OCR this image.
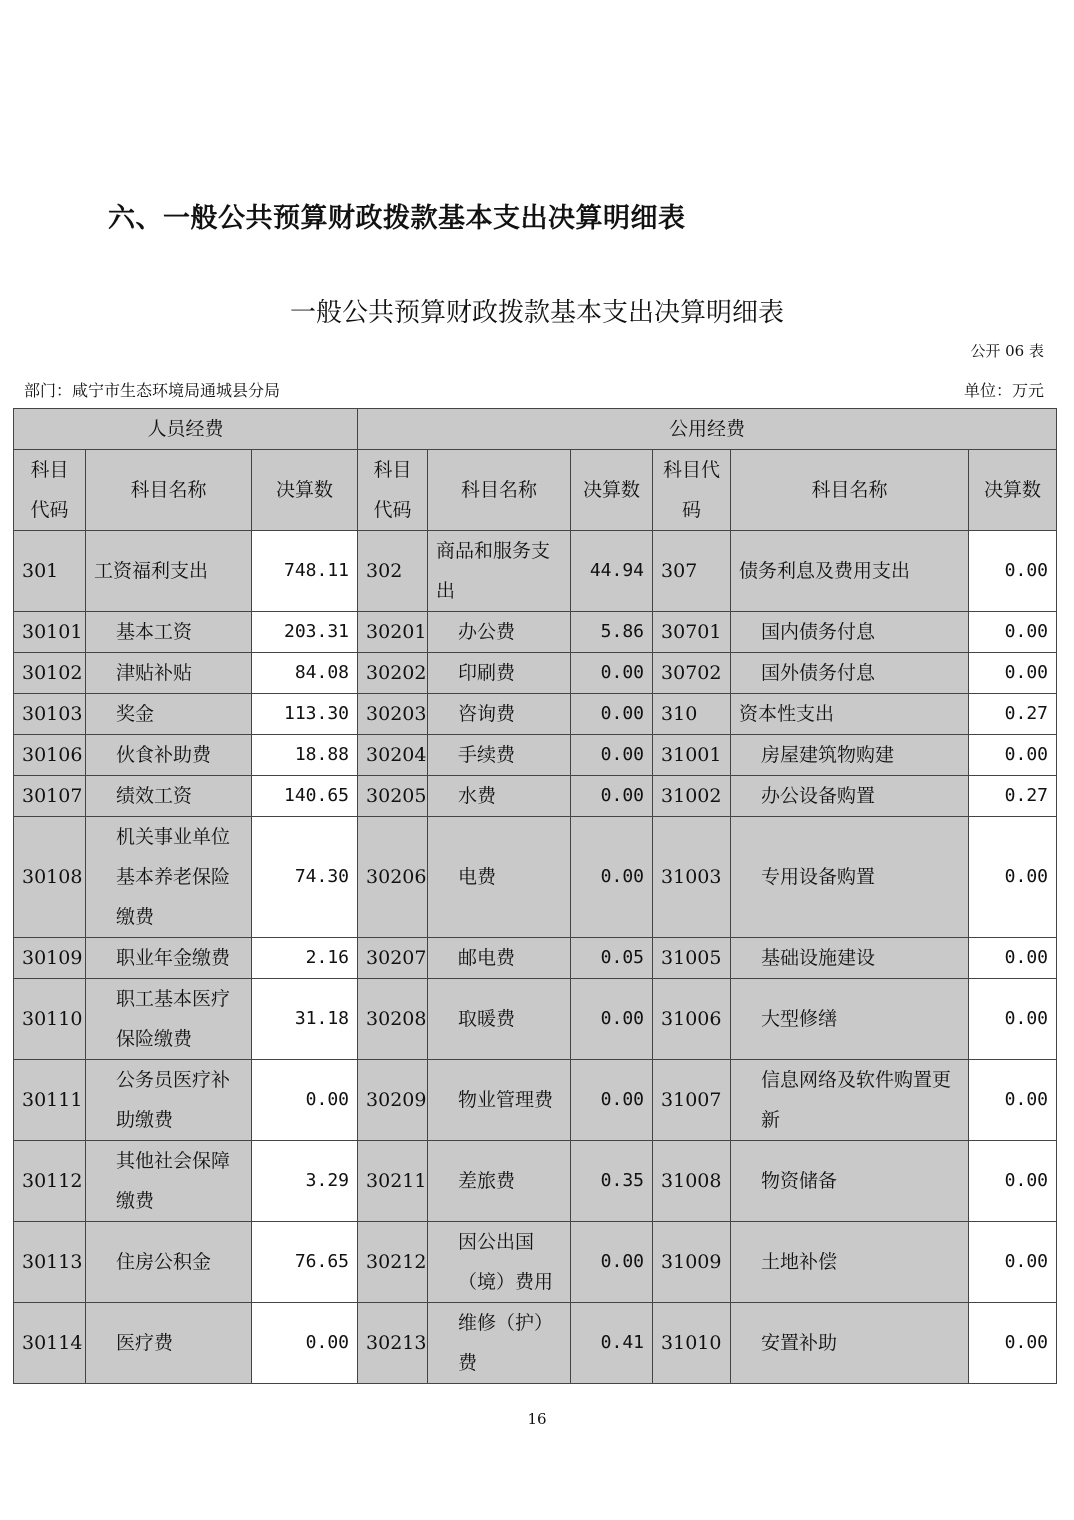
六、一般公共预算财政拨款基本支出决算明细表
一般公共预算财政拨款基本支出决算明细表
公开 06 表
部门：咸宁市生态环境局通城县分局	单位：万元
人员经费			公用经费					
科目代码	科目名称	决算数	科目代码	科目名称	决算数	科目代码	科目名称	决算数
301	工资福利支出	748.11	302	商品和服务支出	44.94	307	债务利息及费用支出	0.00
30101	基本工资	203.31	30201	办公费	5.86	30701	国内债务付息	0.00
30102	津贴补贴	84.08	30202	印刷费	0.00	30702	国外债务付息	0.00
30103	奖金	113.30	30203	咨询费	0.00	310	资本性支出	0.27
30106	伙食补助费	18.88	30204	手续费	0.00	31001	房屋建筑物购建	0.00
30107	绩效工资	140.65	30205	水费	0.00	31002	办公设备购置	0.27
30108	机关事业单位基本养老保险缴费	74.30	30206	电费	0.00	31003	专用设备购置	0.00
30109	职业年金缴费	2.16	30207	邮电费	0.05	31005	基础设施建设	0.00
30110	职工基本医疗保险缴费	31.18	30208	取暖费	0.00	31006	大型修缮	0.00
30111	公务员医疗补助缴费	0.00	30209	物业管理费	0.00	31007	信息网络及软件购置更新	0.00
30112	其他社会保障缴费	3.29	30211	差旅费	0.35	31008	物资储备	0.00
30113	住房公积金	76.65	30212	因公出国（境）费用	0.00	31009	土地补偿	0.00
30114	医疗费	0.00	30213	维修（护）费	0.41	31010	安置补助	0.00
16
